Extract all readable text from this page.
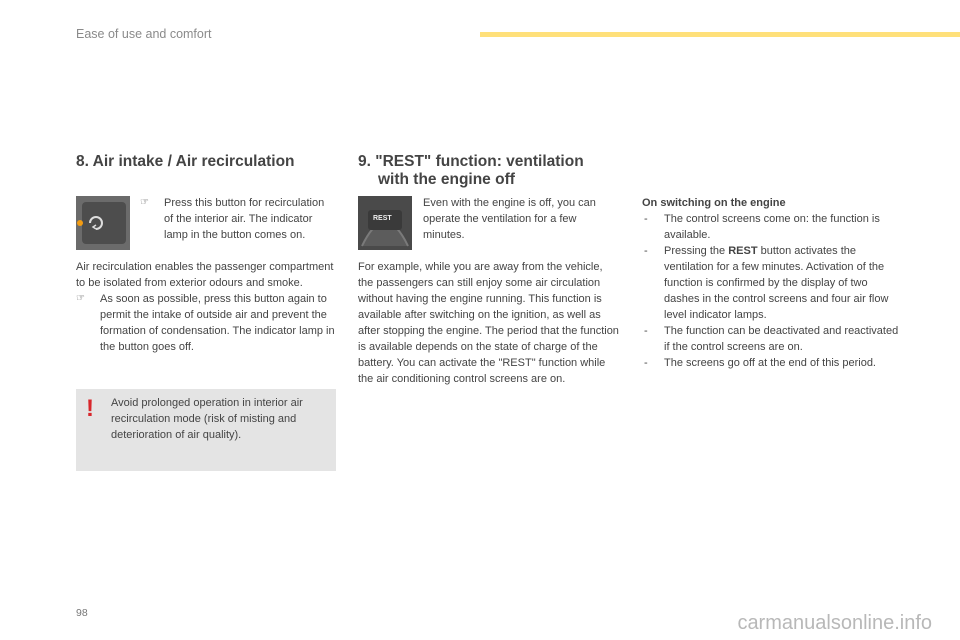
Ease of use and comfort
8. Air intake / Air recirculation
☞ Press this button for recirculation of the interior air. The indicator lamp in the button comes on.

Air recirculation enables the passenger compartment to be isolated from exterior odours and smoke.

☞ As soon as possible, press this button again to permit the intake of outside air and prevent the formation of condensation. The indicator lamp in the button goes off.
! Avoid prolonged operation in interior air recirculation mode (risk of misting and deterioration of air quality).
9. "REST" function: ventilation
with the engine off
REST

Even with the engine is off, you can operate the ventilation for a few minutes.

For example, while you are away from the vehicle, the passengers can still enjoy some air circulation without having the engine running. This function is available after switching on the ignition, as well as after stopping the engine. The period that the function is available depends on the state of charge of the battery. You can activate the "REST" function while the air conditioning control screens are on.

On switching on the engine

- The control screens come on: the function is available.
- Pressing the REST button activates the ventilation for a few minutes. Activation of the function is confirmed by the display of two dashes in the control screens and four air flow level indicator lamps.
- The function can be deactivated and reactivated if the control screens are on.
- The screens go off at the end of this period.
98	carmanualsonline.info
